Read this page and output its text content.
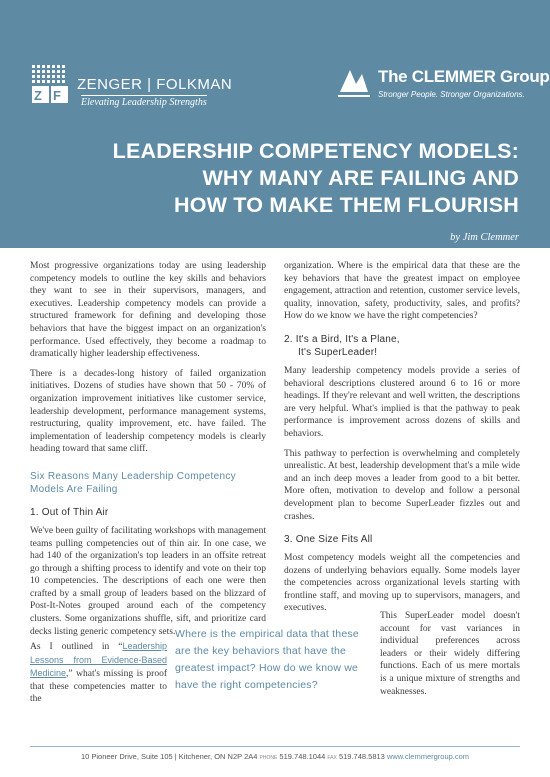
Z F
ZENGER | FOLKMAN
Elevating Leadership Strengths
The CLEMMER Group
Stronger People. Stronger Organizations.
LEADERSHIP COMPETENCY MODELS:
WHY MANY ARE FAILING AND
HOW TO MAKE THEM FLOURISH
by Jim Clemmer

Most progressive organizations today are using leadership competency models to outline the key skills and behaviors they want to see in their supervisors, managers, and executives. Leadership competency models can provide a structured framework for defining and developing those behaviors that have the biggest impact on an organization's performance. Used effectively, they become a roadmap to dramatically higher leadership effectiveness.

There is a decades-long history of failed organization initiatives. Dozens of studies have shown that 50 - 70% of organization improvement initiatives like customer service, leadership development, performance management systems, restructuring, quality improvement, etc. have failed. The implementation of leadership competency models is clearly heading toward that same cliff.

Six Reasons Many Leadership Competency Models Are Failing
1. Out of Thin Air

We've been guilty of facilitating workshops with management teams pulling competencies out of thin air. In one case, we had 140 of the organization's top leaders in an offsite retreat go through a shifting process to identify and vote on their top 10 competencies. The descriptions of each one were then crafted by a small group of leaders based on the blizzard of Post-It-Notes grouped around each of the competency clusters. Some organizations shuffle, sift, and prioritize card decks listing generic competency sets.

As I outlined in “Leadership Lessons from Evidence-Based Medicine,” what's missing is proof that these competencies matter to the

organization. Where is the empirical data that these are the key behaviors that have the greatest impact on employee engagement, attraction and retention, customer service levels, quality, innovation, safety, productivity, sales, and profits? How do we know we have the right competencies?

2. It's a Bird, It's a Plane,
It's SuperLeader!

Many leadership competency models provide a series of behavioral descriptions clustered around 6 to 16 or more headings. If they're relevant and well written, the descriptions are very helpful. What's implied is that the pathway to peak performance is improvement across dozens of skills and behaviors.

This pathway to perfection is overwhelming and completely unrealistic. At best, leadership development that's a mile wide and an inch deep moves a leader from good to a bit better. More often, motivation to develop and follow a personal development plan to become SuperLeader fizzles out and crashes.

3. One Size Fits All

Most competency models weight all the competencies and dozens of underlying behaviors equally. Some models layer the competencies across organizational levels starting with frontline staff, and moving up to supervisors, managers, and executives.

Where is the empirical data that these are the key behaviors that have the greatest impact? How do we know we have the right competencies?
This SuperLeader model doesn't account for vast variances in individual preferences across leaders or their widely differing functions. Each of us mere mortals is a unique mixture of strengths and weaknesses.
10 Pioneer Drive, Suite 105 | Kitchener, ON N2P 2A4 PHONE 519.748.1044 FAX 519.748.5813 www.clemmergroup.com
